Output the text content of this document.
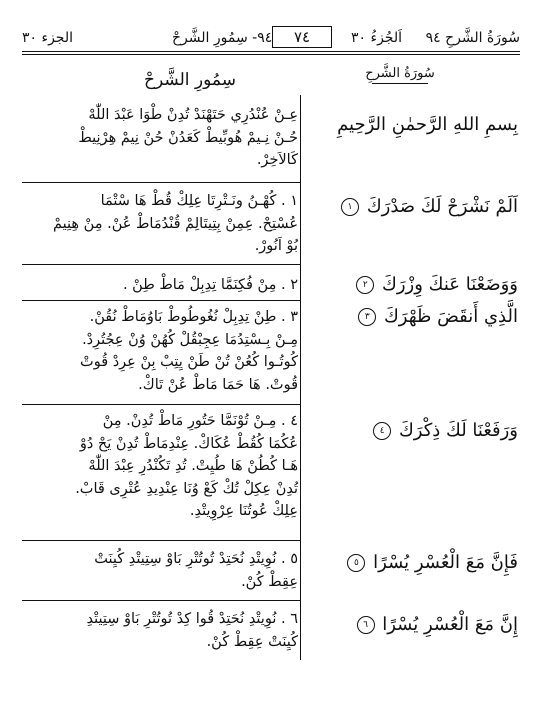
سُورَةُ الشَّرحِ ٩٤
اَلجُزءُ ٣٠
٧٤
٩٤- سِمُورِ الشَّرحْ
الجزء ٣٠
سِمُورِ الشَّرحْ	سُورَةُ الشَّرحِ
بِسمِ اللهِ الرَّحمٰنِ الرَّحِيمِ

عِـنْ عُنْدُرِي حَتَهْنَدْ تُدِنْ طْوَا عَبْدَ اللّٰهْ

حُـنْ نِـيمْ هُوبِّيطْ كَعَدُنْ حُنْ نِيمْ هِرْنِيطْ

كَالاَخِرْ.

اَلَمْ نَشْرَحْ لَكَ صَدْرَكَ ١

١ . كُهْـنُ ونَـتْرِتَا عِلِكْ قُطْ هَا سْتْمَا

عُسْتِحْ. عِمِنْ بِتِيتَالِمْ قُنْدُمَاطْ عُنْ. مِنْ هِنِيمْ

بُوْ اَنُورْ.

وَوَضَعْنَا عَنكَ وِزْرَكَ ٢

٢ . مِنْ فُكِنَمَّا تِدِبِلْ مَاطْ طِنْ .

الَّذِي أَنقَضَ ظَهْرَكَ ٣

٣ . طِنْ تِدِبِلْ نُغُوطُوطْ بَاوُمَاطْ نُقُنْ.

مِـنْ بِـسْتِدُمَا عِجِبْقُلْ كُهُنْ وُنْ عِجُتُرِدْ.

كُوتُـوا كُعُنْ تُنْ طَنْ يِتِبْ بِنْ عِرِدْ قُوتْ

قُوتْ. هَا حَمَا مَاطْ عُنْ تَاكْ.

وَرَفَعْنَا لَكَ ذِكْرَكَ ٤

٤ . مِـنْ تُوْنَمَّا حَتُورِ مَاطْ تُدِنْ. مِنْ

عُكُمَا كُقُطْ عُكَاكْ. عِنْدِمَاطْ تُدِنْ يَحْ دُوْ

هَـا كُطُنْ هَا طُيِتْ. تُدِ تَكُنْدُرِ عِبْدَ اللّٰهْ

تُدِنْ عِكِلْ تُكْ كَعْ وُنَا عِنْدِيدِ عُتْرِى قَابْ.

عِلِكْ عُوتُنَا عِرْوِيتْدِ.

فَإِنَّ مَعَ الْعُسْرِ يُسْرًا ٥

٥ . نُوِيتْدِ نُحَتِدْ تُوتُتْرِ بَاوْ سِتِيتْدِ كُيِنَتْ

عِقِطْ كُنْ.

إِنَّ مَعَ الْعُسْرِ يُسْرًا ٦

٦ . نُوِيتْدِ نُحَتِدْ قُوا كِدْ تُوتُتْرِ بَاوْ سِتِيتْدِ

كُيِنَتْ عِقِطْ كُنْ.
